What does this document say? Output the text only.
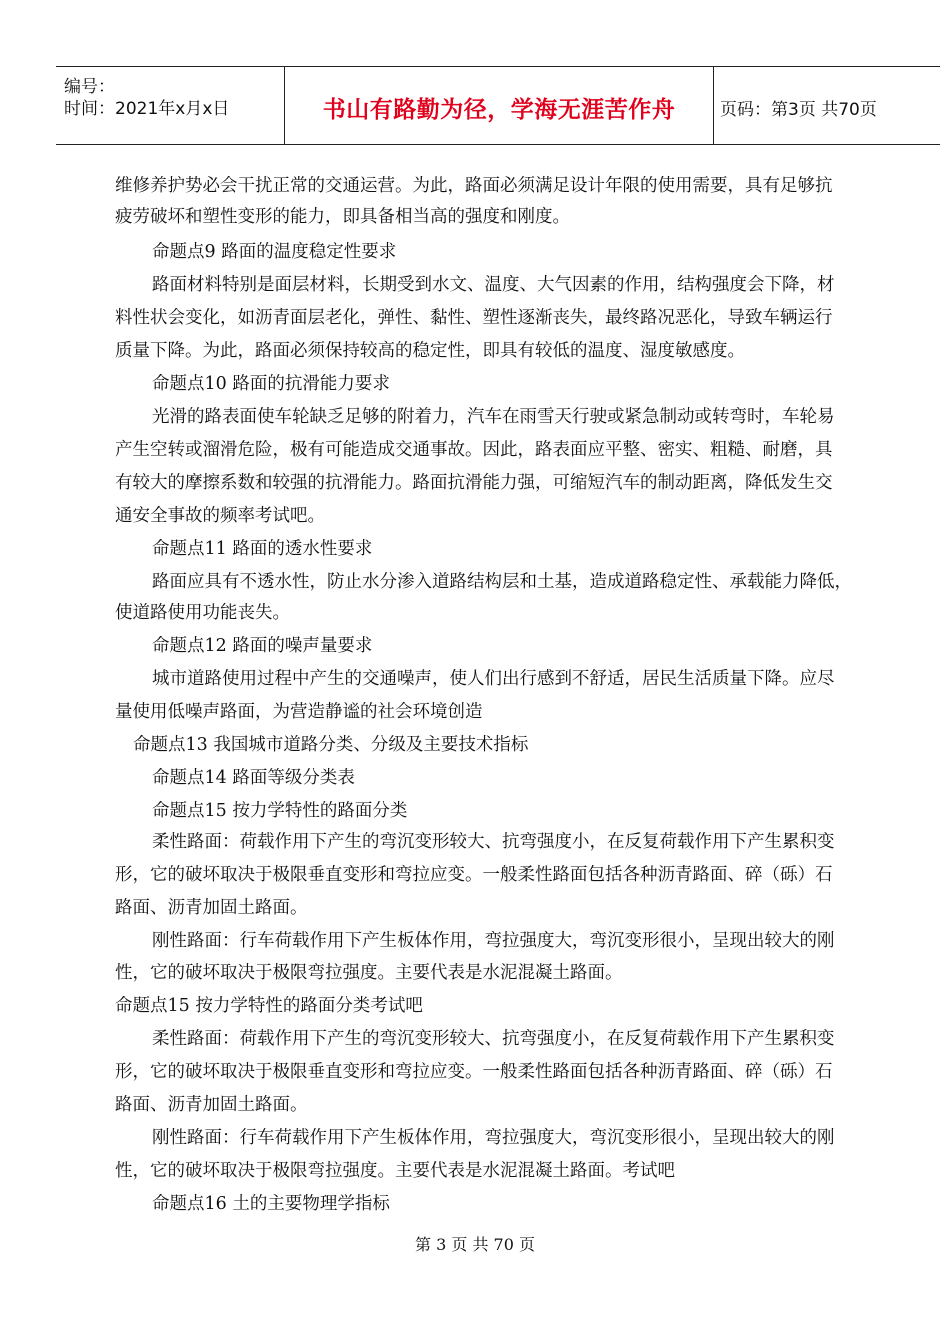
编号：
时间：2021年x月x日	书山有路勤为径，学海无涯苦作舟	页码：第3页 共70页
维修养护势必会干扰正常的交通运营。为此，路面必须满足设计年限的使用需要，具有足够抗
疲劳破坏和塑性变形的能力，即具备相当高的强度和刚度。
命题点9 路面的温度稳定性要求
路面材料特别是面层材料，长期受到水文、温度、大气因素的作用，结构强度会下降，材
料性状会变化，如沥青面层老化，弹性、黏性、塑性逐渐丧失，最终路况恶化，导致车辆运行
质量下降。为此，路面必须保持较高的稳定性，即具有较低的温度、湿度敏感度。
命题点10 路面的抗滑能力要求
光滑的路表面使车轮缺乏足够的附着力，汽车在雨雪天行驶或紧急制动或转弯时，车轮易
产生空转或溜滑危险，极有可能造成交通事故。因此，路表面应平整、密实、粗糙、耐磨，具
有较大的摩擦系数和较强的抗滑能力。路面抗滑能力强，可缩短汽车的制动距离，降低发生交
通安全事故的频率考试吧。
命题点11 路面的透水性要求
路面应具有不透水性，防止水分渗入道路结构层和土基，造成道路稳定性、承载能力降低，
使道路使用功能丧失。
命题点12 路面的噪声量要求
城市道路使用过程中产生的交通噪声，使人们出行感到不舒适，居民生活质量下降。应尽
量使用低噪声路面，为营造静谧的社会环境创造
命题点13 我国城市道路分类、分级及主要技术指标
命题点14 路面等级分类表
命题点15 按力学特性的路面分类
柔性路面：荷载作用下产生的弯沉变形较大、抗弯强度小，在反复荷载作用下产生累积变
形，它的破坏取决于极限垂直变形和弯拉应变。一般柔性路面包括各种沥青路面、碎（砾）石
路面、沥青加固土路面。
刚性路面：行车荷载作用下产生板体作用，弯拉强度大，弯沉变形很小，呈现出较大的刚
性，它的破坏取决于极限弯拉强度。主要代表是水泥混凝土路面。
命题点15 按力学特性的路面分类考试吧
柔性路面：荷载作用下产生的弯沉变形较大、抗弯强度小，在反复荷载作用下产生累积变
形，它的破坏取决于极限垂直变形和弯拉应变。一般柔性路面包括各种沥青路面、碎（砾）石
路面、沥青加固土路面。
刚性路面：行车荷载作用下产生板体作用，弯拉强度大，弯沉变形很小，呈现出较大的刚
性，它的破坏取决于极限弯拉强度。主要代表是水泥混凝土路面。考试吧
命题点16 土的主要物理学指标
第 3 页 共 70 页
